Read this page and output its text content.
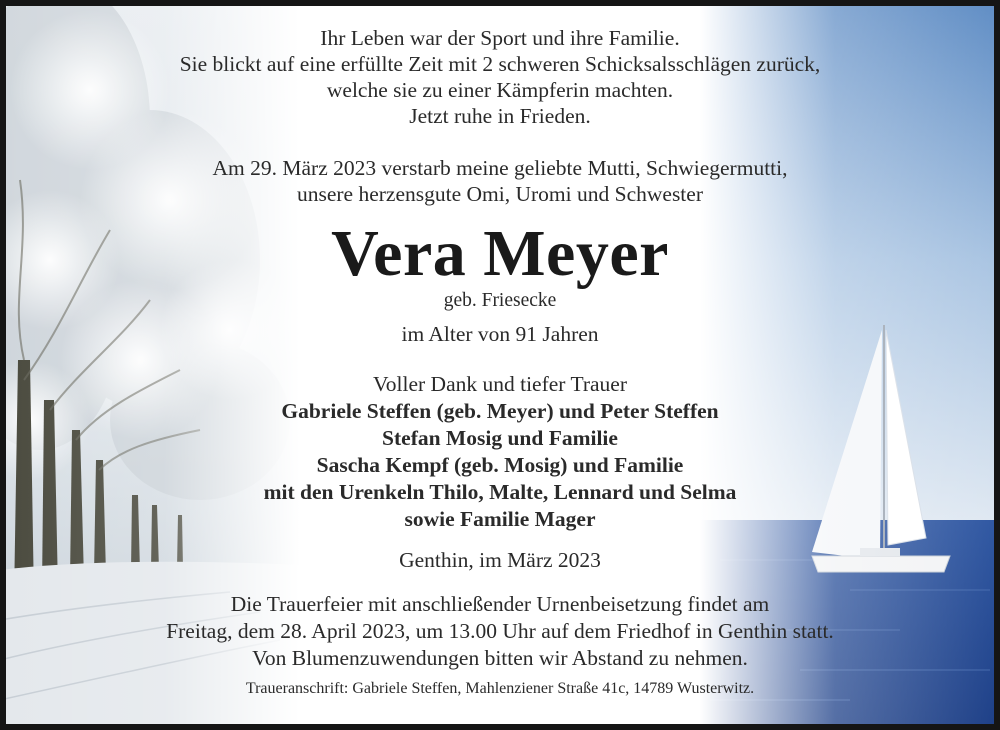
Ihr Leben war der Sport und ihre Familie.
Sie blickt auf eine erfüllte Zeit mit 2 schweren Schicksalsschlägen zurück,
welche sie zu einer Kämpferin machten.
Jetzt ruhe in Frieden.
Am 29. März 2023 verstarb meine geliebte Mutti, Schwiegermutti,
unsere herzensgute Omi, Uromi und Schwester
Vera Meyer
geb. Friesecke
im Alter von 91 Jahren
Voller Dank und tiefer Trauer
Gabriele Steffen (geb. Meyer) und Peter Steffen
Stefan Mosig und Familie
Sascha Kempf (geb. Mosig) und Familie
mit den Urenkeln Thilo, Malte, Lennard und Selma
sowie Familie Mager
Genthin, im März 2023
Die Trauerfeier mit anschließender Urnenbeisetzung findet am
Freitag, dem 28. April 2023, um 13.00 Uhr auf dem Friedhof in Genthin statt.
Von Blumenzuwendungen bitten wir Abstand zu nehmen.
Traueranschrift: Gabriele Steffen, Mahlenziener Straße 41c, 14789 Wusterwitz.
